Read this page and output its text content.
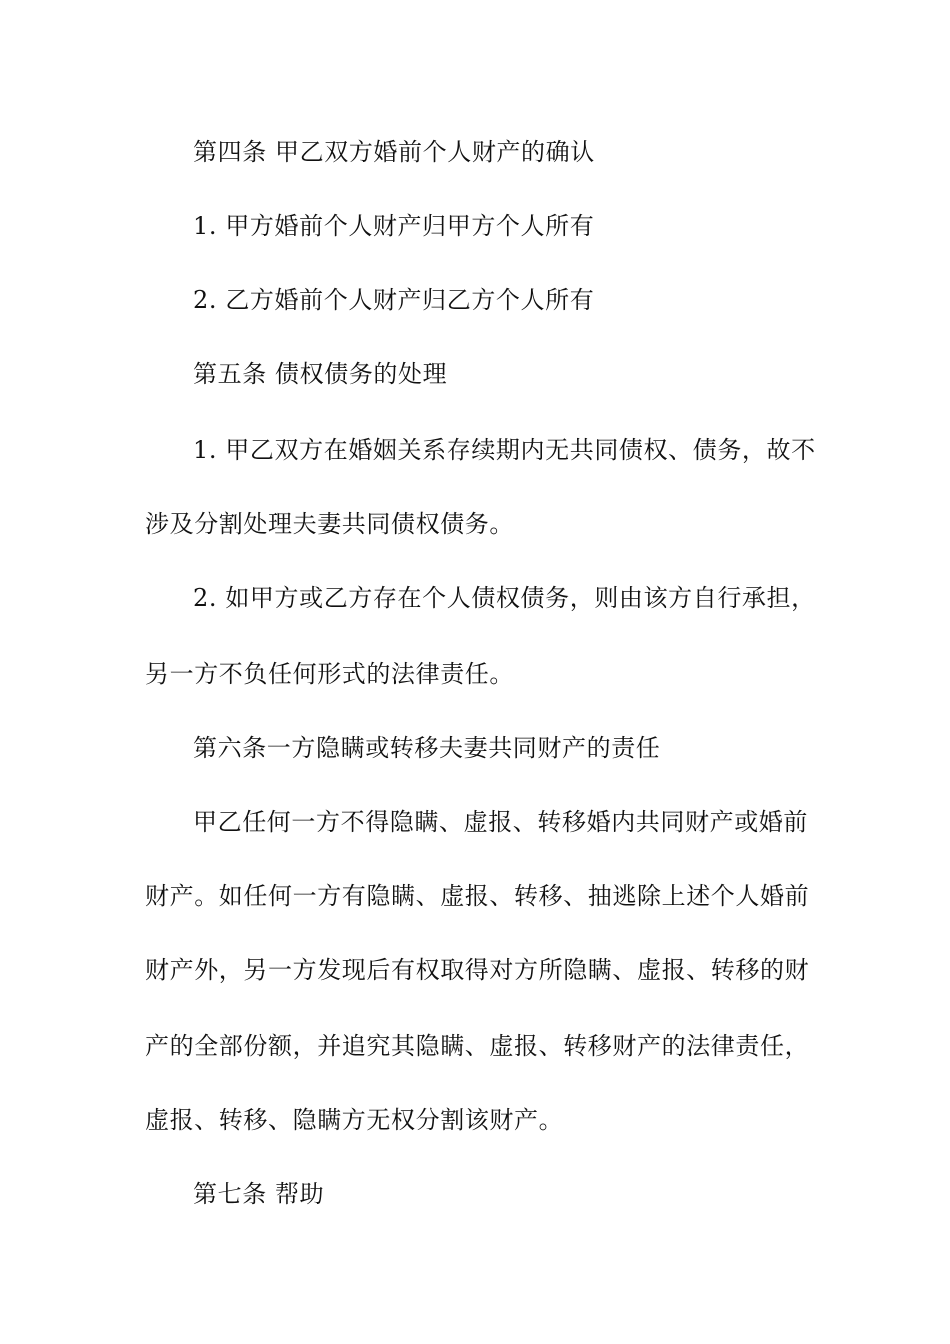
第四条 甲乙双方婚前个人财产的确认
1. 甲方婚前个人财产归甲方个人所有
2. 乙方婚前个人财产归乙方个人所有
第五条 债权债务的处理
1. 甲乙双方在婚姻关系存续期内无共同债权、债务，故不
涉及分割处理夫妻共同债权债务。
2. 如甲方或乙方存在个人债权债务，则由该方自行承担，
另一方不负任何形式的法律责任。
第六条一方隐瞒或转移夫妻共同财产的责任
甲乙任何一方不得隐瞒、虚报、转移婚内共同财产或婚前
财产。如任何一方有隐瞒、虚报、转移、抽逃除上述个人婚前
财产外，另一方发现后有权取得对方所隐瞒、虚报、转移的财
产的全部份额，并追究其隐瞒、虚报、转移财产的法律责任，
虚报、转移、隐瞒方无权分割该财产。
第七条 帮助
